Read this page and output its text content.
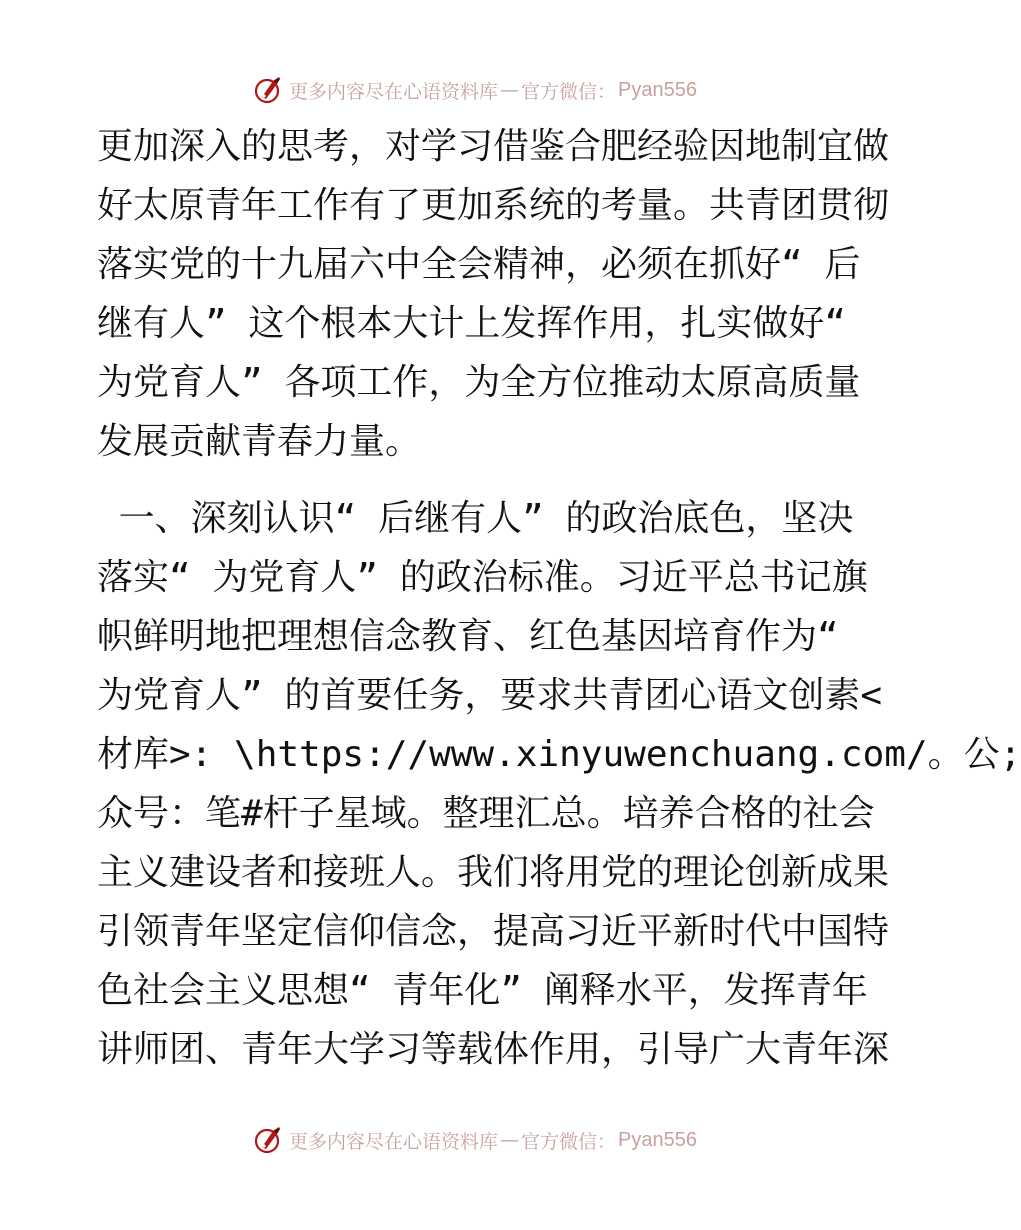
更多内容尽在心语资料库 — 官方微信： Pyan556
更加深入的思考，对学习借鉴合肥经验因地制宜做
好太原青年工作有了更加系统的考量。共青团贯彻
落实党的十九届六中全会精神，必须在抓好“ 后
继有人” 这个根本大计上发挥作用，扎实做好“
为党育人” 各项工作，为全方位推动太原高质量
发展贡献青春力量。
一、深刻认识“ 后继有人” 的政治底色，坚决
落实“ 为党育人” 的政治标准。习近平总书记旗
帜鲜明地把理想信念教育、红色基因培育作为“
为党育人” 的首要任务，要求共青团心语文创素<
材库>: \https://www.xinyuwenchuang.com/。公;
众号：笔#杆子星域。整理汇总。培养合格的社会
主义建设者和接班人。我们将用党的理论创新成果
引领青年坚定信仰信念，提高习近平新时代中国特
色社会主义思想“ 青年化” 阐释水平，发挥青年
讲师团、青年大学习等载体作用，引导广大青年深
更多内容尽在心语资料库 — 官方微信： Pyan556
